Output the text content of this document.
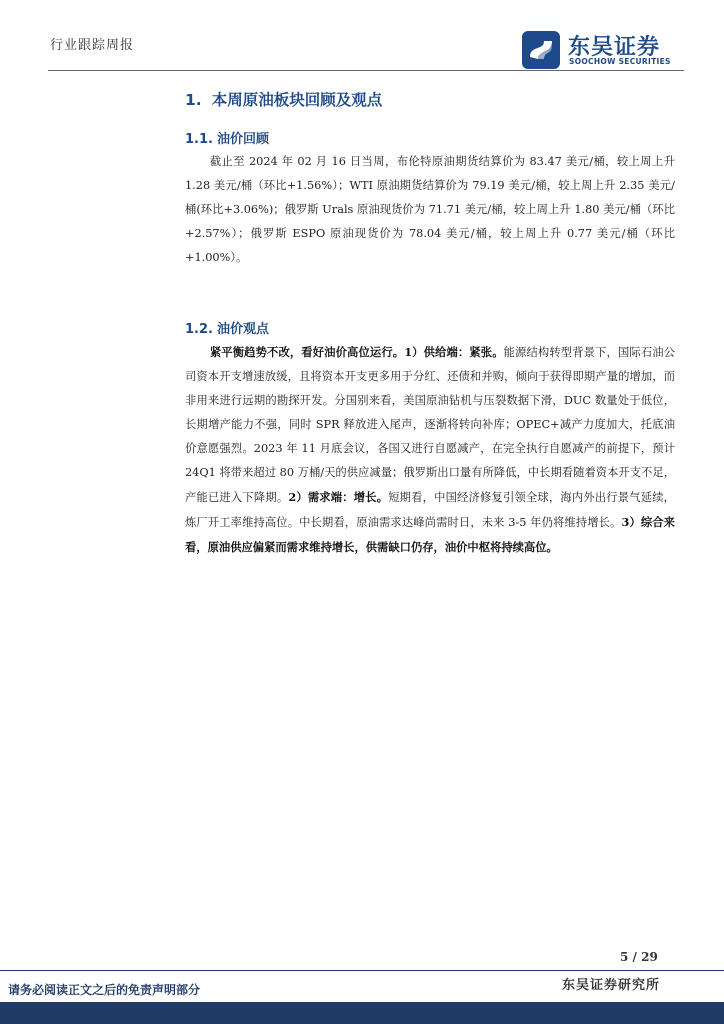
行业跟踪周报	东吴证券
SOOCHOW SECURITIES
1. 本周原油板块回顾及观点
1.1. 油价回顾

截止至 2024 年 02 月 16 日当周，布伦特原油期货结算价为 83.47 美元/桶，较上周上升 1.28 美元/桶（环比+1.56%）；WTI 原油期货结算价为 79.19 美元/桶，较上周上升 2.35 美元/桶(环比+3.06%)；俄罗斯 Urals 原油现货价为 71.71 美元/桶，较上周上升 1.80 美元/桶（环比+2.57%）；俄罗斯 ESPO 原油现货价为 78.04 美元/桶，较上周上升 0.77 美元/桶（环比+1.00%）。

1.2. 油价观点

紧平衡趋势不改，看好油价高位运行。1）供给端：紧张。能源结构转型背景下，国际石油公司资本开支增速放缓，且将资本开支更多用于分红、还债和并购，倾向于获得即期产量的增加，而非用来进行远期的勘探开发。分国别来看，美国原油钻机与压裂数据下滑，DUC 数量处于低位，长期增产能力不强，同时 SPR 释放进入尾声，逐渐将转向补库；OPEC+减产力度加大，托底油价意愿强烈。2023 年 11 月底会议，各国又进行自愿减产，在完全执行自愿减产的前提下，预计 24Q1 将带来超过 80 万桶/天的供应减量；俄罗斯出口量有所降低，中长期看随着资本开支不足，产能已进入下降期。2）需求端：增长。短期看，中国经济修复引领全球，海内外出行景气延续，炼厂开工率维持高位。中长期看，原油需求达峰尚需时日，未来 3-5 年仍将维持增长。3）综合来看，原油供应偏紧而需求维持增长，供需缺口仍存，油价中枢将持续高位。

5 / 29
请务必阅读正文之后的免责声明部分	东吴证券研究所
